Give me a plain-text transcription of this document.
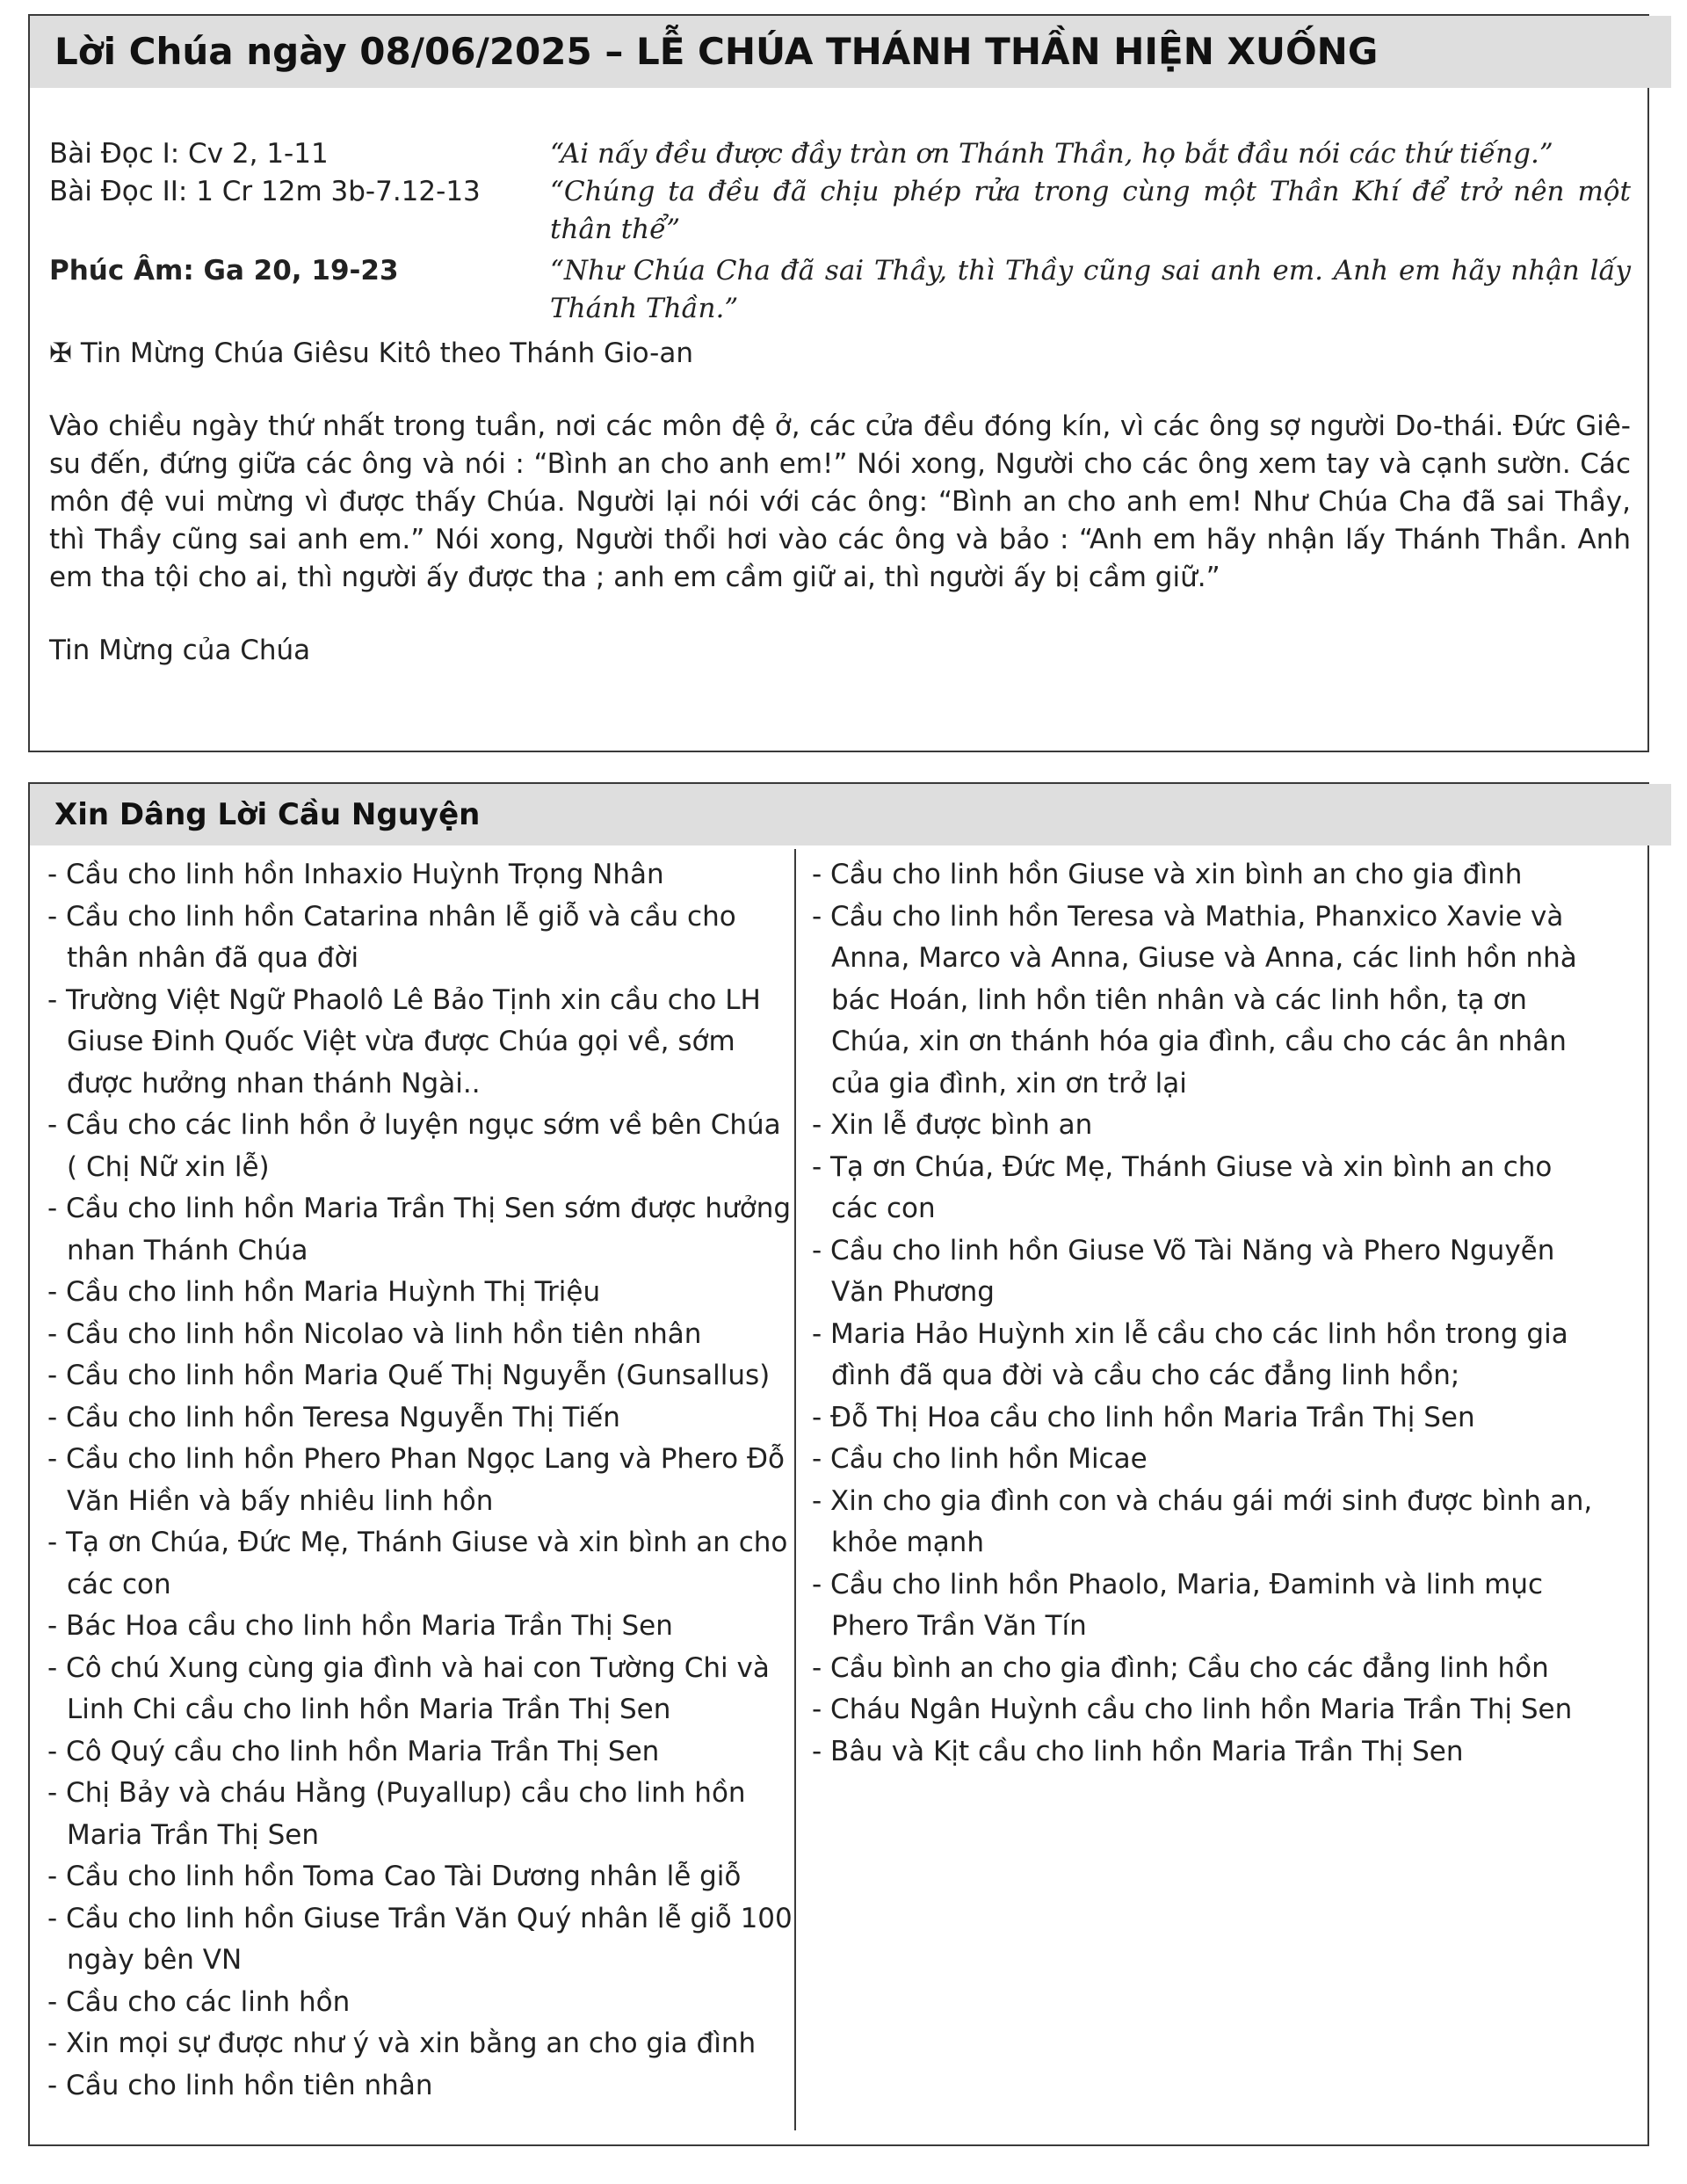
Lời Chúa ngày 08/06/2025 – LỄ CHÚA THÁNH THẦN HIỆN XUỐNG
Bài Đọc I: Cv 2, 1-11	“Ai nấy đều được đầy tràn ơn Thánh Thần, họ bắt đầu nói các thứ tiếng.”
Bài Đọc II: 1 Cr 12m 3b-7.12-13	“Chúng ta đều đã chịu phép rửa trong cùng một Thần Khí để trở nên một thân thể”
Phúc Âm: Ga 20, 19-23	“Như Chúa Cha đã sai Thầy, thì Thầy cũng sai anh em. Anh em hãy nhận lấy Thánh Thần.”
✠ Tin Mừng Chúa Giêsu Kitô theo Thánh Gio-an
Vào chiều ngày thứ nhất trong tuần, nơi các môn đệ ở, các cửa đều đóng kín, vì các ông sợ người Do-thái. Đức Giê-su đến, đứng giữa các ông và nói : “Bình an cho anh em!” Nói xong, Người cho các ông xem tay và cạnh sườn. Các môn đệ vui mừng vì được thấy Chúa. Người lại nói với các ông: “Bình an cho anh em! Như Chúa Cha đã sai Thầy, thì Thầy cũng sai anh em.” Nói xong, Người thổi hơi vào các ông và bảo : “Anh em hãy nhận lấy Thánh Thần. Anh em tha tội cho ai, thì người ấy được tha ; anh em cầm giữ ai, thì người ấy bị cầm giữ.”
Tin Mừng của Chúa
Xin Dâng Lời Cầu Nguyện
- Cầu cho linh hồn Inhaxio Huỳnh Trọng Nhân
- Cầu cho linh hồn Catarina nhân lễ giỗ và cầu cho thân nhân đã qua đời
- Trường Việt Ngữ Phaolô Lê Bảo Tịnh xin cầu cho LH Giuse Đinh Quốc Việt vừa được Chúa gọi về, sớm được hưởng nhan thánh Ngài..
- Cầu cho các linh hồn ở luyện ngục sớm về bên Chúa ( Chị Nữ xin lễ)
- Cầu cho linh hồn Maria Trần Thị Sen sớm được hưởng nhan Thánh Chúa
- Cầu cho linh hồn Maria Huỳnh Thị Triệu
- Cầu cho linh hồn Nicolao và linh hồn tiên nhân
- Cầu cho linh hồn Maria Quế Thị Nguyễn (Gunsallus)
- Cầu cho linh hồn Teresa Nguyễn Thị Tiến
- Cầu cho linh hồn Phero Phan Ngọc Lang và Phero Đỗ Văn Hiền và bấy nhiêu linh hồn
- Tạ ơn Chúa, Đức Mẹ, Thánh Giuse và xin bình an cho các con
- Bác Hoa cầu cho linh hồn Maria Trần Thị Sen
- Cô chú Xung cùng gia đình và hai con Tường Chi và Linh Chi cầu cho linh hồn Maria Trần Thị Sen
- Cô Quý cầu cho linh hồn Maria Trần Thị Sen
- Chị Bảy và cháu Hằng (Puyallup) cầu cho linh hồn Maria Trần Thị Sen
- Cầu cho linh hồn Toma Cao Tài Dương nhân lễ giỗ
- Cầu cho linh hồn Giuse Trần Văn Quý nhân lễ giỗ 100 ngày bên VN
- Cầu cho các linh hồn
- Xin mọi sự được như ý và xin bằng an cho gia đình
- Cầu cho linh hồn tiên nhân
- Cầu cho linh hồn Giuse và xin bình an cho gia đình
- Cầu cho linh hồn Teresa và Mathia, Phanxico Xavie và Anna, Marco và Anna, Giuse và Anna, các linh hồn nhà bác Hoán, linh hồn tiên nhân và các linh hồn, tạ ơn Chúa, xin ơn thánh hóa gia đình, cầu cho các ân nhân của gia đình, xin ơn trở lại
- Xin lễ được bình an
- Tạ ơn Chúa, Đức Mẹ, Thánh Giuse và xin bình an cho các con
- Cầu cho linh hồn Giuse Võ Tài Năng và Phero Nguyễn Văn Phương
- Maria Hảo Huỳnh xin lễ cầu cho các linh hồn trong gia đình đã qua đời và cầu cho các đẳng linh hồn;
- Đỗ Thị Hoa cầu cho linh hồn Maria Trần Thị Sen
- Cầu cho linh hồn Micae
- Xin cho gia đình con và cháu gái mới sinh được bình an, khỏe mạnh
- Cầu cho linh hồn Phaolo, Maria, Đaminh và linh mục Phero Trần Văn Tín
- Cầu bình an cho gia đình; Cầu cho các đẳng linh hồn
- Cháu Ngân Huỳnh cầu cho linh hồn Maria Trần Thị Sen
- Bâu và Kịt cầu cho linh hồn Maria Trần Thị Sen
